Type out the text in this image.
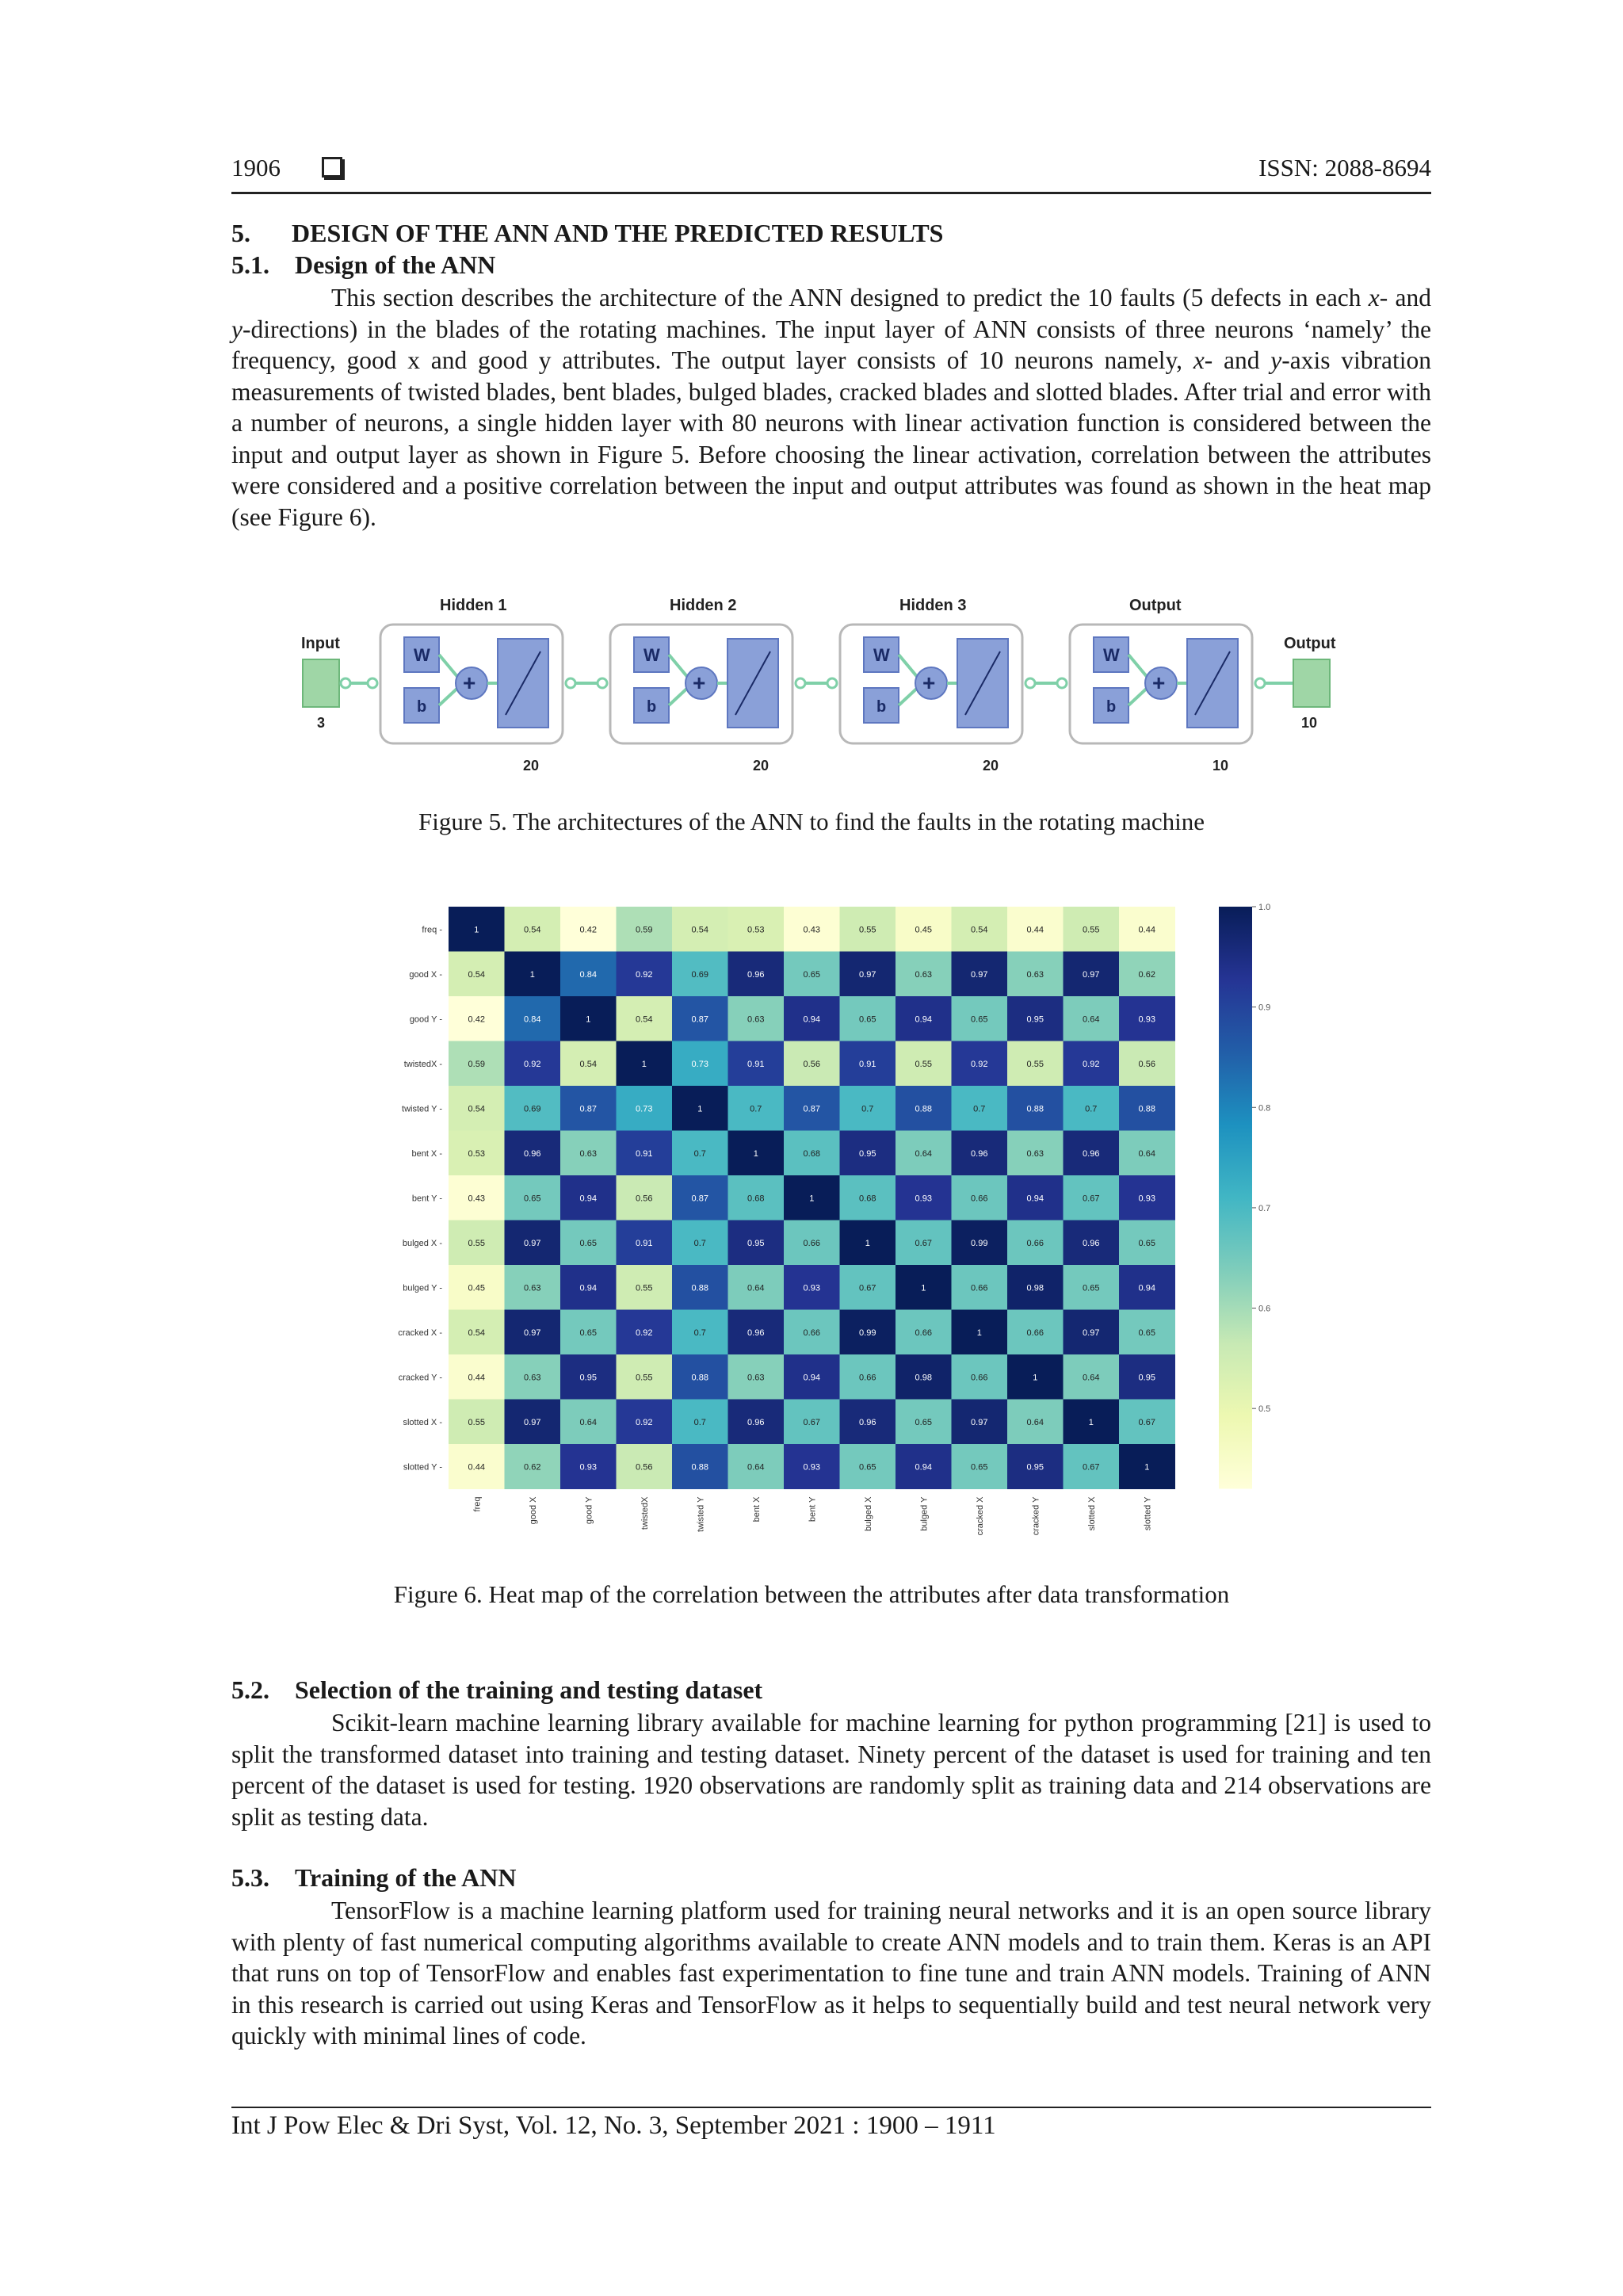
1906	ISSN: 2088-8694
5. DESIGN OF THE ANN AND THE PREDICTED RESULTS
5.1. Design of the ANN

This section describes the architecture of the ANN designed to predict the 10 faults (5 defects in each x- and y-directions) in the blades of the rotating machines. The input layer of ANN consists of three neurons ‘namely’ the frequency, good x and good y attributes. The output layer consists of 10 neurons namely, x- and y-axis vibration measurements of twisted blades, bent blades, bulged blades, cracked blades and slotted blades. After trial and error with a number of neurons, a single hidden layer with 80 neurons with linear activation function is considered between the input and output layer as shown in Figure 5. Before choosing the linear activation, correlation between the attributes were considered and a positive correlation between the input and output attributes was found as shown in the heat map (see Figure 6).

Input
3
Hidden 1
W
b
+
20
Hidden 2
W
b
+
20
Hidden 3
W
b
+
20
Output
W
b
+
10
Output
10
Figure 5. The architectures of the ANN to find the faults in the rotating machine
freq -	1	0.54	0.42	0.59	0.54	0.53	0.43	0.55	0.45	0.54	0.44	0.55	0.44
good X -	0.54	1	0.84	0.92	0.69	0.96	0.65	0.97	0.63	0.97	0.63	0.97	0.62
good Y -	0.42	0.84	1	0.54	0.87	0.63	0.94	0.65	0.94	0.65	0.95	0.64	0.93
twistedX -	0.59	0.92	0.54	1	0.73	0.91	0.56	0.91	0.55	0.92	0.55	0.92	0.56
twisted Y -	0.54	0.69	0.87	0.73	1	0.7	0.87	0.7	0.88	0.7	0.88	0.7	0.88
bent X -	0.53	0.96	0.63	0.91	0.7	1	0.68	0.95	0.64	0.96	0.63	0.96	0.64
bent Y -	0.43	0.65	0.94	0.56	0.87	0.68	1	0.68	0.93	0.66	0.94	0.67	0.93
bulged X -	0.55	0.97	0.65	0.91	0.7	0.95	0.66	1	0.67	0.99	0.66	0.96	0.65
bulged Y -	0.45	0.63	0.94	0.55	0.88	0.64	0.93	0.67	1	0.66	0.98	0.65	0.94
cracked X -	0.54	0.97	0.65	0.92	0.7	0.96	0.66	0.99	0.66	1	0.66	0.97	0.65
cracked Y -	0.44	0.63	0.95	0.55	0.88	0.63	0.94	0.66	0.98	0.66	1	0.64	0.95
slotted X -	0.55	0.97	0.64	0.92	0.7	0.96	0.67	0.96	0.65	0.97	0.64	1	0.67
slotted Y -	0.44	0.62	0.93	0.56	0.88	0.64	0.93	0.65	0.94	0.65	0.95	0.67	1
freq	good X	good Y	twistedX	twisted Y	bent X	bent Y	bulged X	bulged Y	cracked X	cracked Y	slotted X	slotted Y
1.0
0.9
0.8
0.7
0.6
0.5
Figure 6. Heat map of the correlation between the attributes after data transformation
5.2. Selection of the training and testing dataset

Scikit-learn machine learning library available for machine learning for python programming [21] is used to split the transformed dataset into training and testing dataset. Ninety percent of the dataset is used for training and ten percent of the dataset is used for testing. 1920 observations are randomly split as training data and 214 observations are split as testing data.

5.3. Training of the ANN

TensorFlow is a machine learning platform used for training neural networks and it is an open source library with plenty of fast numerical computing algorithms available to create ANN models and to train them. Keras is an API that runs on top of TensorFlow and enables fast experimentation to fine tune and train ANN models. Training of ANN in this research is carried out using Keras and TensorFlow as it helps to sequentially build and test neural network very quickly with minimal lines of code.

Int J Pow Elec & Dri Syst, Vol. 12, No. 3, September 2021 : 1900 – 1911
